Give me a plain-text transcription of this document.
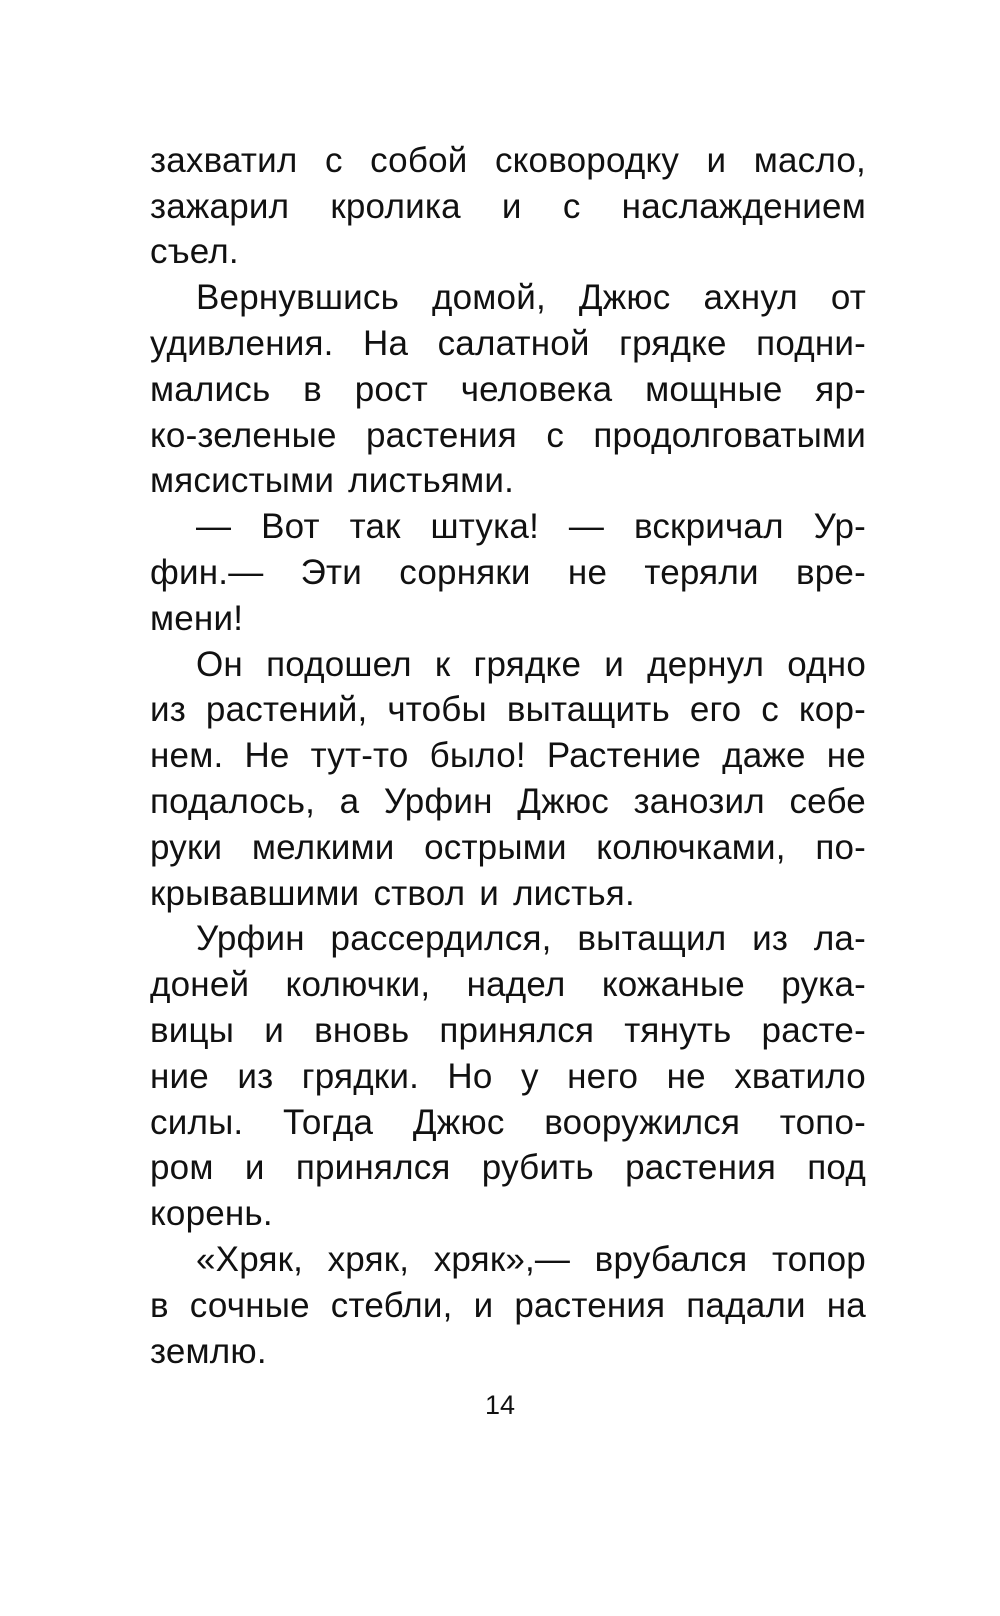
захватил с собой сковородку и масло,
зажарил кролика и с наслаждением
съел.
Вернувшись домой, Джюс ахнул от
удивления. На салатной грядке подни-
мались в рост человека мощные яр-
ко-зеленые растения с продолговатыми
мясистыми листьями.
— Вот так штука! — вскричал Ур-
фин.— Эти сорняки не теряли вре-
мени!
Он подошел к грядке и дернул одно
из растений, чтобы вытащить его с кор-
нем. Не тут-то было! Растение даже не
подалось, а Урфин Джюс занозил себе
руки мелкими острыми колючками, по-
крывавшими ствол и листья.
Урфин рассердился, вытащил из ла-
доней колючки, надел кожаные рука-
вицы и вновь принялся тянуть расте-
ние из грядки. Но у него не хватило
силы. Тогда Джюс вооружился топо-
ром и принялся рубить растения под
корень.
«Хряк, хряк, хряк»,— врубался топор
в сочные стебли, и растения падали на
землю.
14
